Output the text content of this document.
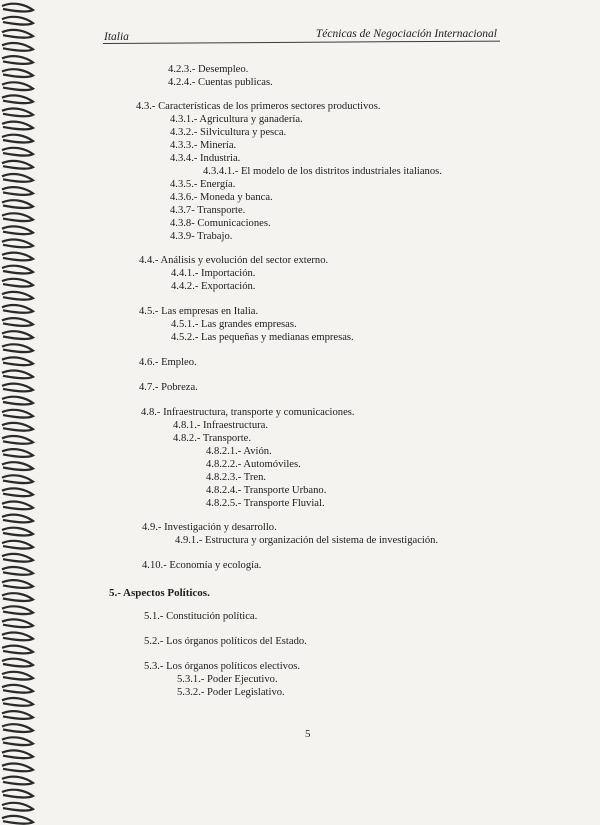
Italia	Técnicas de Negociación Internacional
4.2.3.- Desempleo.
4.2.4.- Cuentas publicas.
4.3.- Características de los primeros sectores productivos.
4.3.1.- Agricultura y ganadería.
4.3.2.- Silvicultura y pesca.
4.3.3.- Minería.
4.3.4.- Industria.
4.3.4.1.- El modelo de los distritos industriales italianos.
4.3.5.- Energía.
4.3.6.- Moneda y banca.
4.3.7- Transporte.
4.3.8- Comunicaciones.
4.3.9- Trabajo.
4.4.- Análisis y evolución del sector externo.
4.4.1.- Importación.
4.4.2.- Exportación.
4.5.- Las empresas en Italia.
4.5.1.- Las grandes empresas.
4.5.2.- Las pequeñas y medianas empresas.
4.6.- Empleo.
4.7.- Pobreza.
4.8.- Infraestructura, transporte y comunicaciones.
4.8.1.- Infraestructura.
4.8.2.- Transporte.
4.8.2.1.- Avión.
4.8.2.2.- Automóviles.
4.8.2.3.- Tren.
4.8.2.4.- Transporte Urbano.
4.8.2.5.- Transporte Fluvial.
4.9.- Investigación y desarrollo.
4.9.1.- Estructura y organización del sistema de investigación.
4.10.- Economía y ecología.
5.- Aspectos Políticos.
5.1.- Constitución política.
5.2.- Los órganos políticos del Estado.
5.3.- Los órganos políticos electivos.
5.3.1.- Poder Ejecutivo.
5.3.2.- Poder Legislativo.
5
